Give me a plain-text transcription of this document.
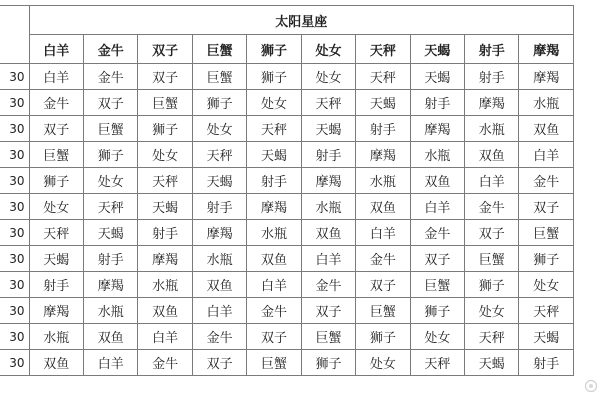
	太阳星座									
	白羊	金牛	双子	巨蟹	狮子	处女	天秤	天蝎	射手	摩羯
30	白羊	金牛	双子	巨蟹	狮子	处女	天秤	天蝎	射手	摩羯
30	金牛	双子	巨蟹	狮子	处女	天秤	天蝎	射手	摩羯	水瓶
30	双子	巨蟹	狮子	处女	天秤	天蝎	射手	摩羯	水瓶	双鱼
30	巨蟹	狮子	处女	天秤	天蝎	射手	摩羯	水瓶	双鱼	白羊
30	狮子	处女	天秤	天蝎	射手	摩羯	水瓶	双鱼	白羊	金牛
30	处女	天秤	天蝎	射手	摩羯	水瓶	双鱼	白羊	金牛	双子
30	天秤	天蝎	射手	摩羯	水瓶	双鱼	白羊	金牛	双子	巨蟹
30	天蝎	射手	摩羯	水瓶	双鱼	白羊	金牛	双子	巨蟹	狮子
30	射手	摩羯	水瓶	双鱼	白羊	金牛	双子	巨蟹	狮子	处女
30	摩羯	水瓶	双鱼	白羊	金牛	双子	巨蟹	狮子	处女	天秤
30	水瓶	双鱼	白羊	金牛	双子	巨蟹	狮子	处女	天秤	天蝎
30	双鱼	白羊	金牛	双子	巨蟹	狮子	处女	天秤	天蝎	射手
